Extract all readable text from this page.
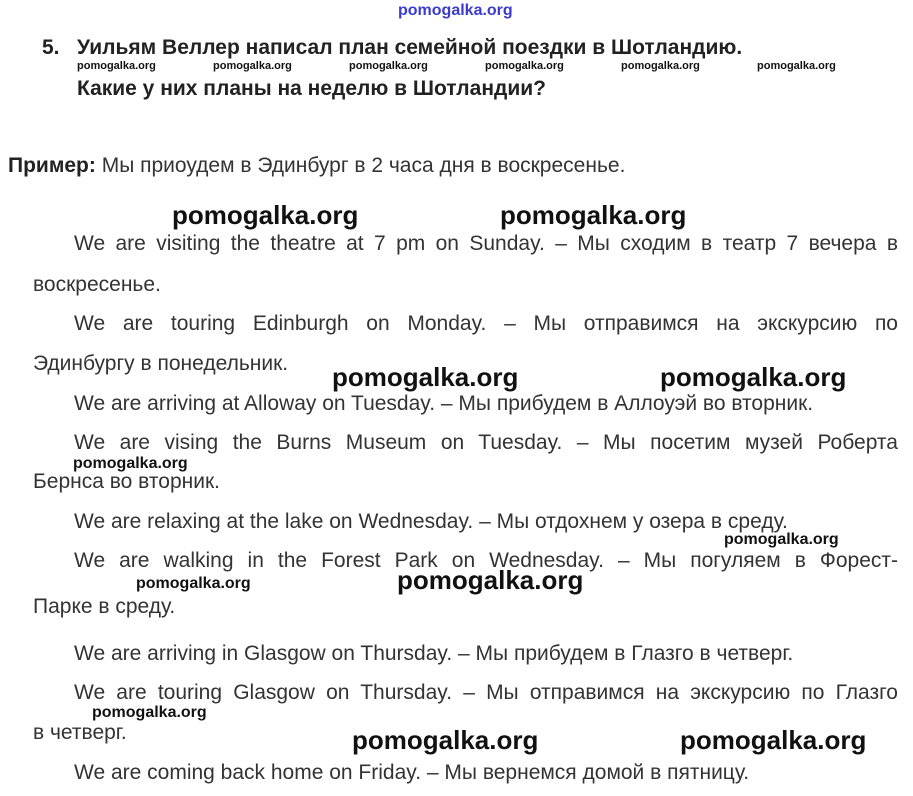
pomogalka.org
5. Уильям Веллер написал план семейной поездки в Шотландию.
Какие у них планы на неделю в Шотландии?
pomogalka.org	pomogalka.org	pomogalka.org	pomogalka.org	pomogalka.org	pomogalka.org
Пример: Мы приоудем в Эдинбург в 2 часа дня в воскресенье.
pomogalka.org	pomogalka.org
We are visiting the theatre at 7 pm on Sunday. – Мы сходим в театр 7 вечера в
воскресенье.
We are touring Edinburgh on Monday. – Мы отправимся на экскурсию по
Эдинбургу в понедельник. pomogalka.org	pomogalka.org
We are arriving at Alloway on Tuesday. – Мы прибудем в Аллоуэй во вторник.
We are vising the Burns Museum on Tuesday. – Мы посетим музей Роберта
pomogalka.org
Бернса во вторник.
We are relaxing at the lake on Wednesday. – Мы отдохнем у озера в среду.
pomogalka.org
We are walking in the Forest Park on Wednesday. – Мы погуляем в Форест-
pomogalka.org	pomogalka.org
Парке в среду.
We are arriving in Glasgow on Thursday. – Мы прибудем в Глазго в четверг.
We are touring Glasgow on Thursday. – Мы отправимся на экскурсию по Глазго
pomogalka.org
в четверг.	pomogalka.org	pomogalka.org
We are coming back home on Friday. – Мы вернемся домой в пятницу.
